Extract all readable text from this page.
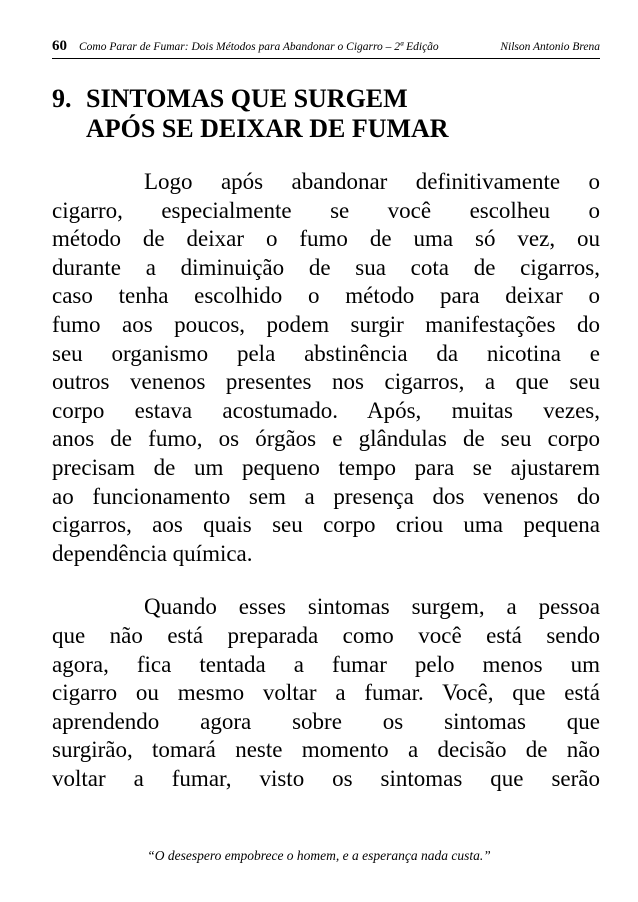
60 Como Parar de Fumar: Dois Métodos para Abandonar o Cigarro – 2ª Edição	Nilson Antonio Brena
9. SINTOMAS QUE SURGEM
APÓS SE DEIXAR DE FUMAR
Logo após abandonar definitivamente o
cigarro, especialmente se você escolheu o
método de deixar o fumo de uma só vez, ou
durante a diminuição de sua cota de cigarros,
caso tenha escolhido o método para deixar o
fumo aos poucos, podem surgir manifestações do
seu organismo pela abstinência da nicotina e
outros venenos presentes nos cigarros, a que seu
corpo estava acostumado. Após, muitas vezes,
anos de fumo, os órgãos e glândulas de seu corpo
precisam de um pequeno tempo para se ajustarem
ao funcionamento sem a presença dos venenos do
cigarros, aos quais seu corpo criou uma pequena
dependência química.
Quando esses sintomas surgem, a pessoa
que não está preparada como você está sendo
agora, fica tentada a fumar pelo menos um
cigarro ou mesmo voltar a fumar. Você, que está
aprendendo agora sobre os sintomas que
surgirão, tomará neste momento a decisão de não
voltar a fumar, visto os sintomas que serão
“O desespero empobrece o homem, e a esperança nada custa.”
